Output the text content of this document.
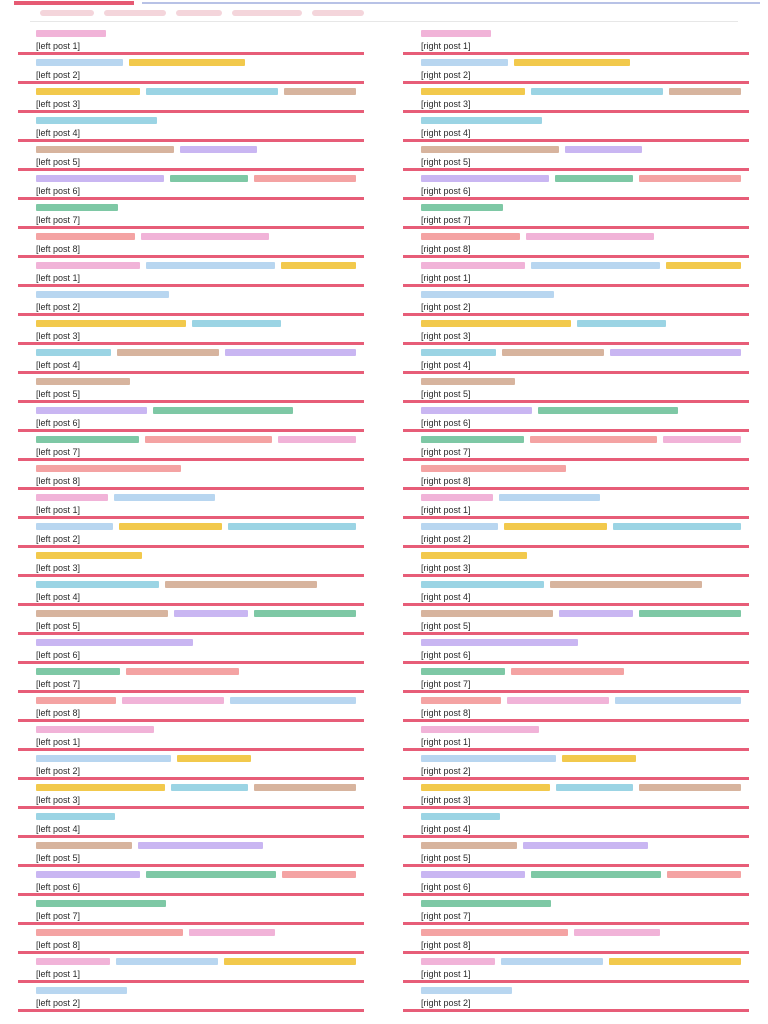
[left post 1]
[left post 2]
[left post 3]
[left post 4]
[left post 5]
[left post 6]
[left post 7]
[left post 8]
[left post 1]
[left post 2]
[left post 3]
[left post 4]
[left post 5]
[left post 6]
[left post 7]
[left post 8]
[left post 1]
[left post 2]
[left post 3]
[left post 4]
[left post 5]
[left post 6]
[left post 7]
[left post 8]
[left post 1]
[left post 2]
[left post 3]
[left post 4]
[left post 5]
[left post 6]
[left post 7]
[left post 8]
[left post 1]
[left post 2]
[right post 1]
[right post 2]
[right post 3]
[right post 4]
[right post 5]
[right post 6]
[right post 7]
[right post 8]
[right post 1]
[right post 2]
[right post 3]
[right post 4]
[right post 5]
[right post 6]
[right post 7]
[right post 8]
[right post 1]
[right post 2]
[right post 3]
[right post 4]
[right post 5]
[right post 6]
[right post 7]
[right post 8]
[right post 1]
[right post 2]
[right post 3]
[right post 4]
[right post 5]
[right post 6]
[right post 7]
[right post 8]
[right post 1]
[right post 2]
